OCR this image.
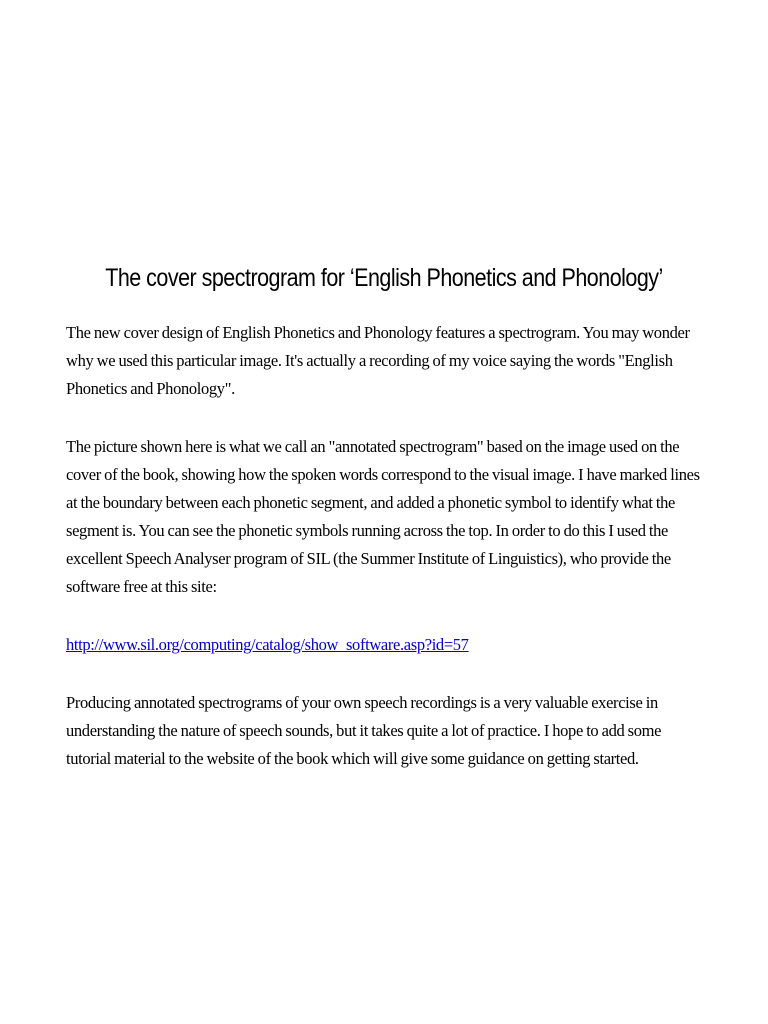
The cover spectrogram for ‘English Phonetics and Phonology’

The new cover design of English Phonetics and Phonology features a spectrogram. You may wonder why we used this particular image. It's actually a recording of my voice saying the words "English Phonetics and Phonology".

The picture shown here is what we call an "annotated spectrogram" based on the image used on the cover of the book, showing how the spoken words correspond to the visual image. I have marked lines at the boundary between each phonetic segment, and added a phonetic symbol to identify what the segment is. You can see the phonetic symbols running across the top. In order to do this I used the excellent Speech Analyser program of SIL (the Summer Institute of Linguistics), who provide the software free at this site:

http://www.sil.org/computing/catalog/show_software.asp?id=57

Producing annotated spectrograms of your own speech recordings is a very valuable exercise in understanding the nature of speech sounds, but it takes quite a lot of practice. I hope to add some tutorial material to the website of the book which will give some guidance on getting started.
